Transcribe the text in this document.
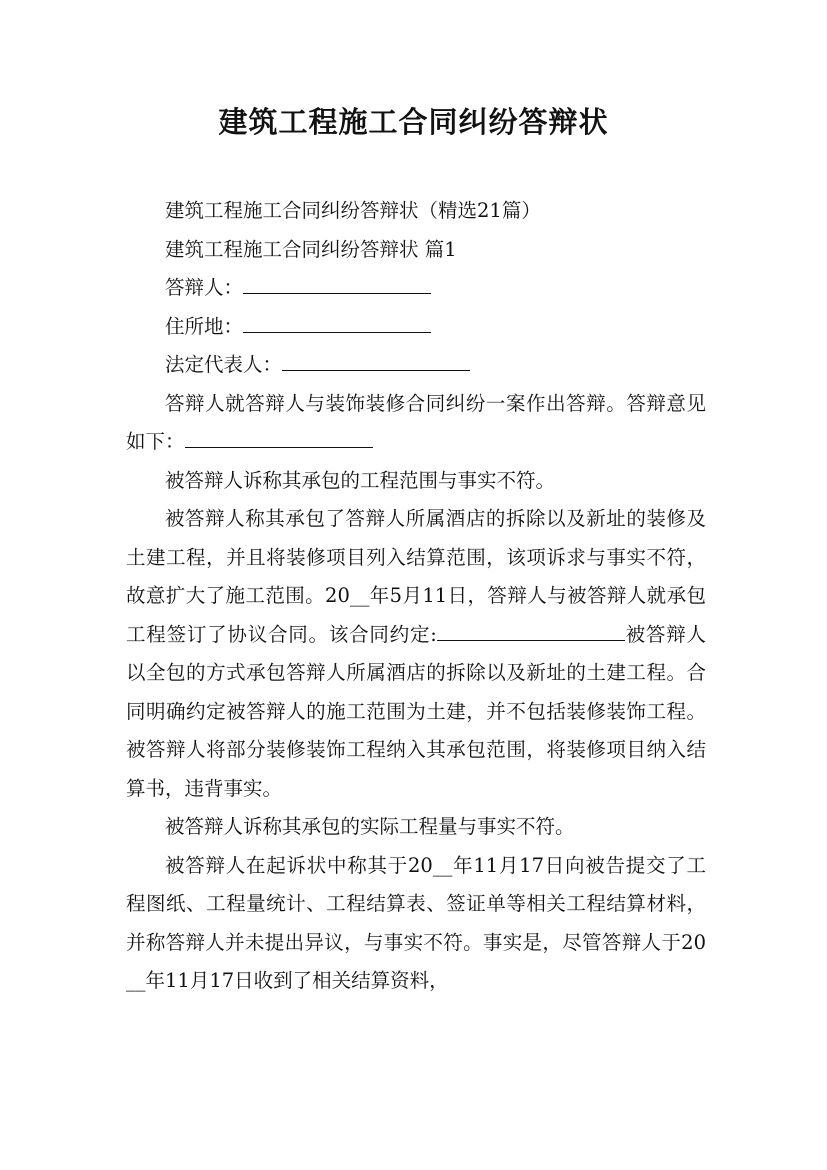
建筑工程施工合同纠纷答辩状

建筑工程施工合同纠纷答辩状（精选21篇）

建筑工程施工合同纠纷答辩状 篇1

答辩人：

住所地：

法定代表人：

答辩人就答辩人与装饰装修合同纠纷一案作出答辩。答辩意见如下：

被答辩人诉称其承包的工程范围与事实不符。

被答辩人称其承包了答辩人所属酒店的拆除以及新址的装修及土建工程，并且将装修项目列入结算范围，该项诉求与事实不符，故意扩大了施工范围。20__年5月11日，答辩人与被答辩人就承包工程签订了协议合同。该合同约定:	被答辩人以全包的方式承包答辩人所属酒店的拆除以及新址的土建工程。合同明确约定被答辩人的施工范围为土建，并不包括装修装饰工程。被答辩人将部分装修装饰工程纳入其承包范围，将装修项目纳入结算书，违背事实。

被答辩人诉称其承包的实际工程量与事实不符。

被答辩人在起诉状中称其于20__年11月17日向被告提交了工程图纸、工程量统计、工程结算表、签证单等相关工程结算材料，并称答辩人并未提出异议，与事实不符。事实是，尽管答辩人于20__年11月17日收到了相关结算资料，
